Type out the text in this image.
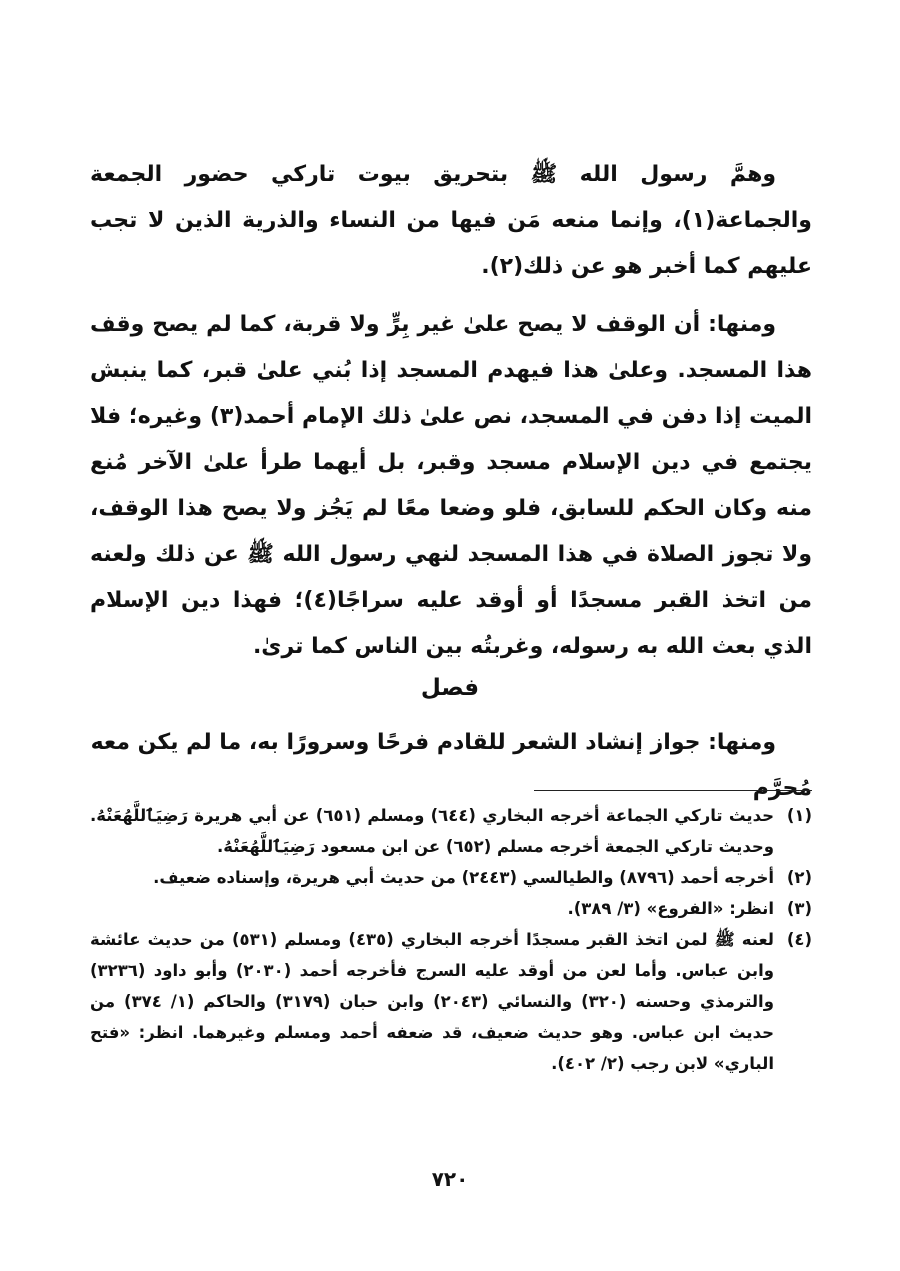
وهمَّ رسول الله ﷺ بتحريق بيوت تاركي حضور الجمعة والجماعة(١)، وإنما منعه مَن فيها من النساء والذرية الذين لا تجب عليهم كما أخبر هو عن ذلك(٢).

ومنها: أن الوقف لا يصح علىٰ غير بِرٍّ ولا قربة، كما لم يصح وقف هذا المسجد. وعلىٰ هذا فيهدم المسجد إذا بُني علىٰ قبر، كما ينبش الميت إذا دفن في المسجد، نص علىٰ ذلك الإمام أحمد(٣) وغيره؛ فلا يجتمع في دين الإسلام مسجد وقبر، بل أيهما طرأ علىٰ الآخر مُنع منه وكان الحكم للسابق، فلو وضعا معًا لم يَجُز ولا يصح هذا الوقف، ولا تجوز الصلاة في هذا المسجد لنهي رسول الله ﷺ عن ذلك ولعنه من اتخذ القبر مسجدًا أو أوقد عليه سراجًا(٤)؛ فهذا دين الإسلام الذي بعث الله به رسوله، وغربتُه بين الناس كما ترىٰ.

فصل

ومنها: جواز إنشاد الشعر للقادم فرحًا وسرورًا به، ما لم يكن معه مُحرَّم

(١)
حديث تاركي الجماعة أخرجه البخاري (٦٤٤) ومسلم (٦٥١) عن أبي هريرة رَضِيَٱللَّهُعَنْهُ. وحديث تاركي الجمعة أخرجه مسلم (٦٥٢) عن ابن مسعود رَضِيَٱللَّهُعَنْهُ.
(٢)
أخرجه أحمد (٨٧٩٦) والطيالسي (٢٤٤٣) من حديث أبي هريرة، وإسناده ضعيف.
(٣)
انظر: «الفروع» (٣/ ٣٨٩).
(٤)
لعنه ﷺ لمن اتخذ القبر مسجدًا أخرجه البخاري (٤٣٥) ومسلم (٥٣١) من حديث عائشة وابن عباس. وأما لعن من أوقد عليه السرج فأخرجه أحمد (٢٠٣٠) وأبو داود (٣٢٣٦) والترمذي وحسنه (٣٢٠) والنسائي (٢٠٤٣) وابن حبان (٣١٧٩) والحاكم (١/ ٣٧٤) من حديث ابن عباس. وهو حديث ضعيف، قد ضعفه أحمد ومسلم وغيرهما. انظر: «فتح الباري» لابن رجب (٢/ ٤٠٢).
٧٢٠
